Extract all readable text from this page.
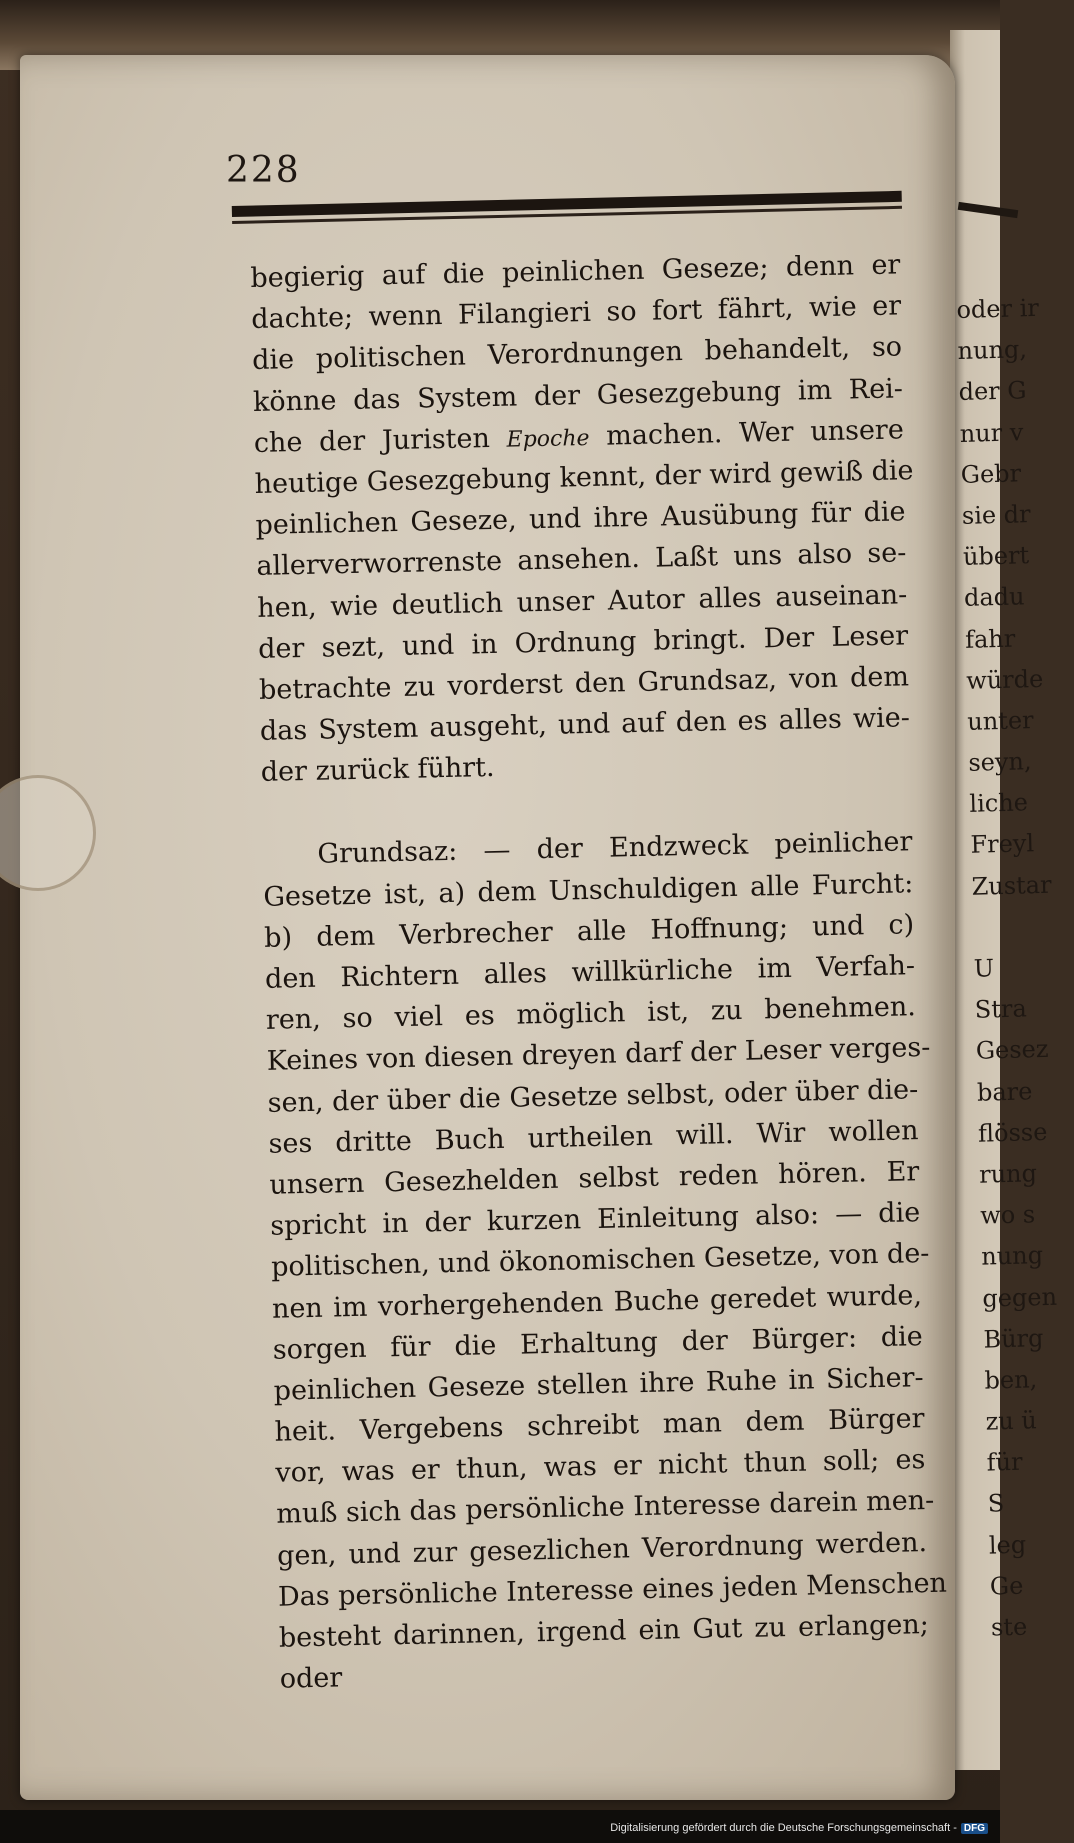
oder ir
nung,
der G
nur v
Gebr
sie dr
übert
dadu
fahr
würde
unter
seyn,
liche
Freyl
Zustar
U
Stra
Gesez
bare
flösse
rung
wo s
nung
gegen
Bürg
ben,
zu ü
für
S
leg
Ge
ste
228
begierig auf die peinlichen Geseze; denn er
dachte; wenn Filangieri so fort fährt, wie er
die politischen Verordnungen behandelt, so
könne das System der Gesezgebung im Rei-
che der Juristen Epoche machen. Wer unsere
heutige Gesezgebung kennt, der wird gewiß die
peinlichen Geseze, und ihre Ausübung für die
allerverworrenste ansehen. Laßt uns also se-
hen, wie deutlich unser Autor alles auseinan-
der sezt, und in Ordnung bringt. Der Leser
betrachte zu vorderst den Grundsaz, von dem
das System ausgeht, und auf den es alles wie-
der zurück führt.
Grundsaz: — der Endzweck peinlicher
Gesetze ist, a) dem Unschuldigen alle Furcht:
b) dem Verbrecher alle Hoffnung; und c)
den Richtern alles willkürliche im Verfah-
ren, so viel es möglich ist, zu benehmen.
Keines von diesen dreyen darf der Leser verges-
sen, der über die Gesetze selbst, oder über die-
ses dritte Buch urtheilen will. Wir wollen
unsern Gesezhelden selbst reden hören. Er
spricht in der kurzen Einleitung also: — die
politischen, und ökonomischen Gesetze, von de-
nen im vorhergehenden Buche geredet wurde,
sorgen für die Erhaltung der Bürger: die
peinlichen Geseze stellen ihre Ruhe in Sicher-
heit. Vergebens schreibt man dem Bürger
vor, was er thun, was er nicht thun soll; es
muß sich das persönliche Interesse darein men-
gen, und zur gesezlichen Verordnung werden.
Das persönliche Interesse eines jeden Menschen
besteht darinnen, irgend ein Gut zu erlangen;
oder
Digitalisierung gefördert durch die Deutsche Forschungsgemeinschaft - DFG
